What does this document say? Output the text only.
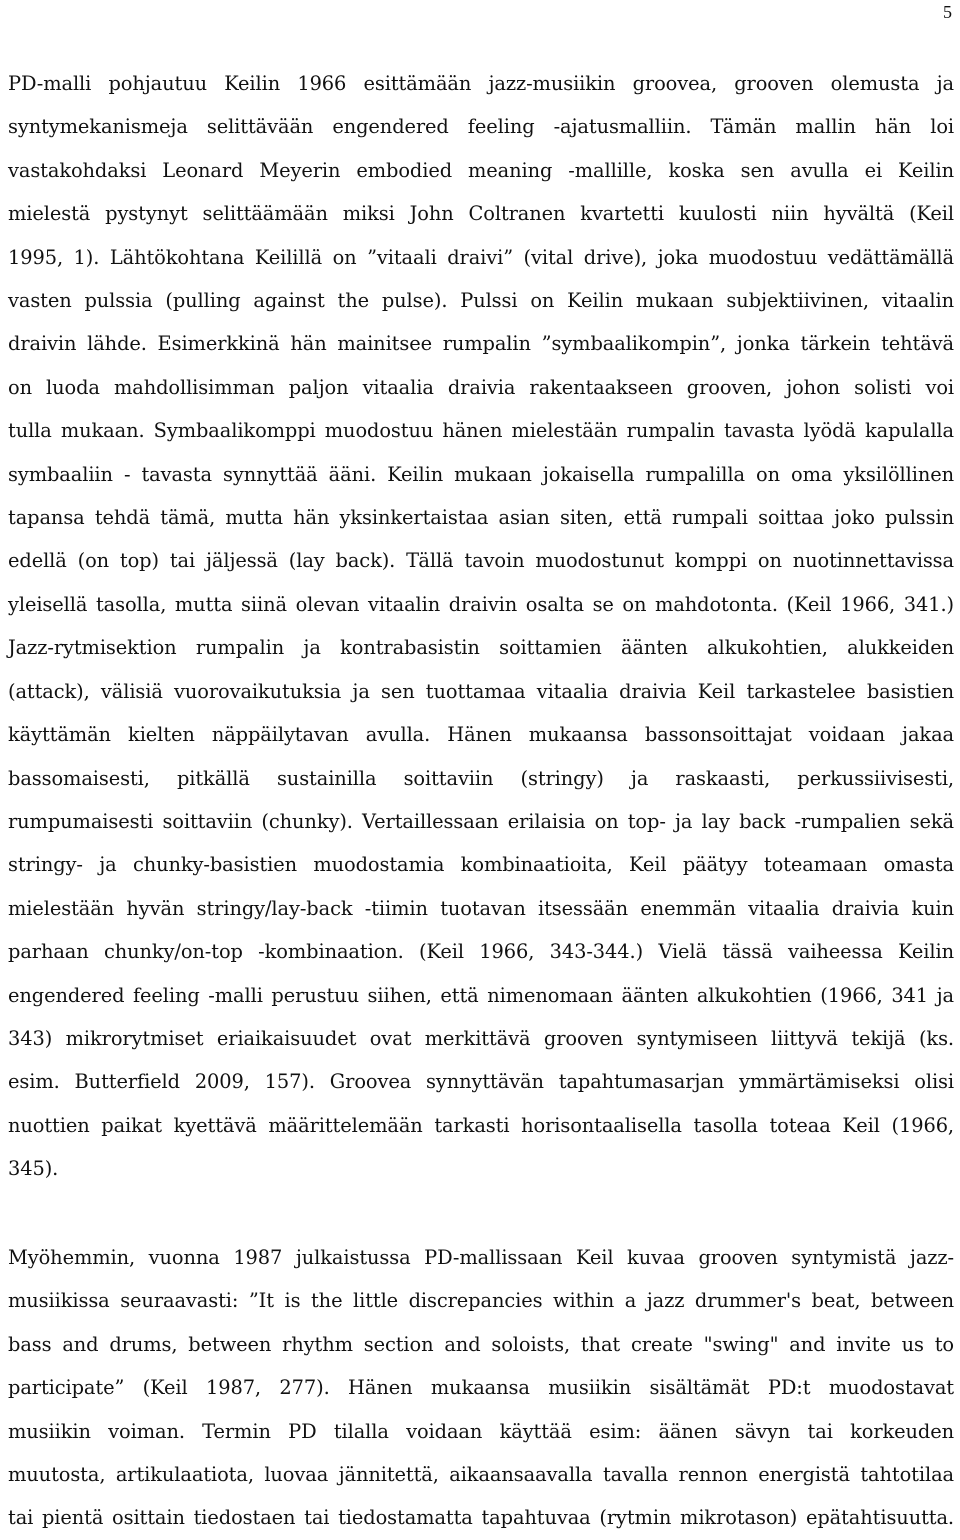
5
PD-malli pohjautuu Keilin 1966 esittämään jazz-musiikin groovea, grooven olemusta ja
syntymekanismeja selittävään engendered feeling -ajatusmalliin. Tämän mallin hän loi
vastakohdaksi Leonard Meyerin embodied meaning -mallille, koska sen avulla ei Keilin
mielestä pystynyt selittäämään miksi John Coltranen kvartetti kuulosti niin hyvältä (Keil
1995, 1). Lähtökohtana Keilillä on ”vitaali draivi” (vital drive), joka muodostuu vedättämällä
vasten pulssia (pulling against the pulse). Pulssi on Keilin mukaan subjektiivinen, vitaalin
draivin lähde. Esimerkkinä hän mainitsee rumpalin ”symbaalikompin”, jonka tärkein tehtävä
on luoda mahdollisimman paljon vitaalia draivia rakentaakseen grooven, johon solisti voi
tulla mukaan. Symbaalikomppi muodostuu hänen mielestään rumpalin tavasta lyödä kapulalla
symbaaliin - tavasta synnyttää ääni. Keilin mukaan jokaisella rumpalilla on oma yksilöllinen
tapansa tehdä tämä, mutta hän yksinkertaistaa asian siten, että rumpali soittaa joko pulssin
edellä (on top) tai jäljessä (lay back). Tällä tavoin muodostunut komppi on nuotinnettavissa
yleisellä tasolla, mutta siinä olevan vitaalin draivin osalta se on mahdotonta. (Keil 1966, 341.)
Jazz-rytmisektion rumpalin ja kontrabasistin soittamien äänten alkukohtien, alukkeiden
(attack), välisiä vuorovaikutuksia ja sen tuottamaa vitaalia draivia Keil tarkastelee basistien
käyttämän kielten näppäilytavan avulla. Hänen mukaansa bassonsoittajat voidaan jakaa
bassomaisesti, pitkällä sustainilla soittaviin (stringy) ja raskaasti, perkussiivisesti,
rumpumaisesti soittaviin (chunky). Vertaillessaan erilaisia on top- ja lay back -rumpalien sekä
stringy- ja chunky-basistien muodostamia kombinaatioita, Keil päätyy toteamaan omasta
mielestään hyvän stringy/lay-back -tiimin tuotavan itsessään enemmän vitaalia draivia kuin
parhaan chunky/on-top -kombinaation. (Keil 1966, 343-344.) Vielä tässä vaiheessa Keilin
engendered feeling -malli perustuu siihen, että nimenomaan äänten alkukohtien (1966, 341 ja
343) mikrorytmiset eriaikaisuudet ovat merkittävä grooven syntymiseen liittyvä tekijä (ks.
esim. Butterfield 2009, 157). Groovea synnyttävän tapahtumasarjan ymmärtämiseksi olisi
nuottien paikat kyettävä määrittelemään tarkasti horisontaalisella tasolla toteaa Keil (1966,
345).
Myöhemmin, vuonna 1987 julkaistussa PD-mallissaan Keil kuvaa grooven syntymistä jazz-
musiikissa seuraavasti: ”It is the little discrepancies within a jazz drummer's beat, between
bass and drums, between rhythm section and soloists, that create "swing" and invite us to
participate” (Keil 1987, 277). Hänen mukaansa musiikin sisältämät PD:t muodostavat
musiikin voiman. Termin PD tilalla voidaan käyttää esim: äänen sävyn tai korkeuden
muutosta, artikulaatiota, luovaa jännitettä, aikaansaavalla tavalla rennon energistä tahtotilaa
tai pientä osittain tiedostaen tai tiedostamatta tapahtuvaa (rytmin mikrotason) epätahtisuutta.
